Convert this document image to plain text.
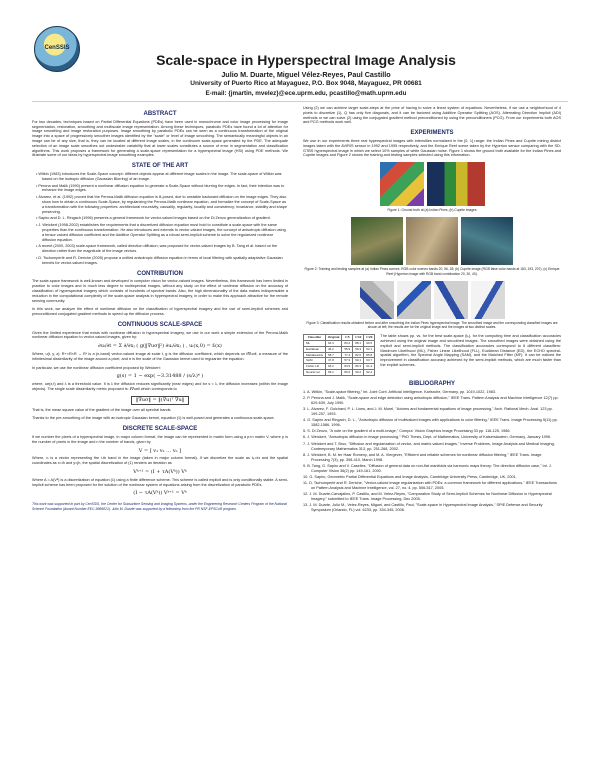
CenSSIS
Scale-space in Hyperspectral Image Analysis
Julio M. Duarte, Miguel Vélez-Reyes, Paul Castillo
University of Puerto Rico at Mayaguez, P.O. Box 9048, Mayaguez, PR 00681
E-mail: {jmartin, mvelez}@ece.uprm.edu, pcastillo@math.uprm.edu
ABSTRACT
For two decades, techniques based on Partial Differential Equations (PDEs) have been used in monochrome and color image processing for image segmentation, restoration, smoothing and multiscale image representation. Among these techniques, parabolic PDEs have found a lot of attention for image smoothing and image restoration purposes. Image smoothing by parabolic PDEs can be seen as a continuous transformation of the original image into a space of progressively smoother images identified by the "scale" or level of image smoothing. The semantically meaningful objects in an image can be of any size, that is, they can be located at different image scales, in the continuum scale-space generated by the PDE. The adequate selection of an image scale smoothes out undesirable variability that at lower scales constitutes a source of error in segmentation and classification algorithms. This work proposes a framework for generating a scale-space representation for a hyperspectral image (HSI) using PDE methods. We illustrate some of our ideas by hyperspectral image smoothing examples.
STATE OF THE ART
• Witkin (1983) introduces the Scale-Space concept: different objects appear at different image scales in the image. The scale-space of Witkin was based on the isotropic diffusion (Gaussian Blurring) of an image.
• Perona and Malik (1990) present a nonlinear diffusion equation to generate a Scale-Space without blurring the edges. In fact, their intention was to enhance the image edges.
• Alvarez, et al. (1992) proved that the Perona-Malik diffusion equation is ill-posed, due to unstable backward diffusion on the image edges. They also show how to obtain a continuous Scale-Space, by regularizing the Perona-Malik nonlinear equation, and formalize the concept of Scale-Space as a transformation with the following properties: architectural recursivity, causality, regularity, locality and consistency; invariance, stability and shape preserving.
• Sapiro and D. L. Ringach (1996) presents a general framework for vector-valued images based on the Di Zenzo generalization of gradient.
• J. Weickert (1998-2002) establishes the requirements that a discretized diffusion equation must hold to constitute a scale-space with the same properties than the continuous transformation. He also introduces and extends to vector-valued images, the concept of anisotropic diffusion using a tensor valued diffusion coefficient and the Additive Operator Splitting as a robust semi-implicit scheme to solve the regularized nonlinear diffusion equation.
• A recent (2000, 2003) scale-space framework, called direction diffusion, was proposed for vector-valued images by B. Tang et al. based on the direction rather than the magnitude of the image vectors.
• D. Tschumperlé and R. Deriche (2005) propose a unified anisotropic diffusion equation in terms of local filtering with spatially adaptative Gaussian kernels for vector-valued images.
CONTRIBUTION
The scale-space framework is well-known and developed in computer vision for vector-valued images. Nevertheless, this framework has been limited in practice to color images and in much less degree to multispectral images, without any study on the effect of nonlinear diffusion on the accuracy of classification of hyperspectral imagery which consists of hundreds of spectral bands. Also, the high dimensionality of the data makes indispensable a reduction in the computational complexity of the scale-space analysis in hyperspectral imagery, in order to make this approach attractive for the remote sensing community.
In this work, we analyze the effect of nonlinear diffusion on the classification of hyperspectral imagery and the use of semi-implicit schemes and preconditioned conjugated gradient methods to speed up the diffusion process.
CONTINUOUS SCALE-SPACE
Given the limited experience that exists with nonlinear diffusion in hyperspectral imagery, we use in our work a simple extension of the Perona-Malik nonlinear diffusion equation to vector-valued images, given by:
∂uᵢ/∂t = Σ ∂/∂xⱼ ( g(‖∇uσ‖²) ∂uᵢ/∂xⱼ ) , uᵢ(x,0) = fᵢ(x)
Where, u(t, y, z): R+×R×R → Rⁿ is a (n-band) vector-valued image at scale t, g is the diffusion coefficient, which depends on ‖∇uσ‖, a measure of the infinitesimal dissimilarity of the image around a pixel, and σ is the scale of the Gaussian kernel used to regularize the equation.
In particular, we use the nonlinear diffusion coefficient proposed by Weickert:
g(s) = 1 − exp( −3.31488 / (s/λ)⁴ )
where, uσ(x,t) and λ is a threshold value. It is λ the diffusion reduces significantly (near edges) and for s < λ, the diffusion increases (within the image objects). The single scale dissimilarity metric proposed is: ‖∇uσ‖ which corresponds to
‖∇uσ‖ = ‖(∇u)ᵀ ∇u‖
That is, the mean square value of the gradient of the image over all spectral bands.
Thanks to the pre-smoothing of the image with an isotropic Gaussian kernel, equation (1) is well-posed and generates a continuous scale-space.
DISCRETE SCALE-SPACE
If we number the pixels of a hyperspectral image, in major column format, the image can be represented in matrix form using a p×n matrix V, where p is the number of pixels in the image and n the number of bands, given by
V = [ v₁ v₂ … vₙ ]
Where, vᵢ is a vector representing the i-th band in the image (taken in major column format). If we discretize the scale as tₖ=kτ and the spatial coordinates as x=ih and y=jh, the spatial discretization of (1) renders an iteration as
Vᵏ⁺¹ = (I + τA(Vᵏ)) Vᵏ
Where A = A(Vᵏ) is a discretization of equation (1) using a finite difference scheme. This scheme is called explicit and is only conditionally stable. A semi-implicit scheme has been proposed for the solution of the nonlinear system of equations arising from the discretization of parabolic PDEs.
(I − τA(Vᵏ)) Vᵏ⁺¹ = Vᵏ
This work was supported in part by CenSSIS, the Center for Subsurface Sensing and Imaging Systems, under the Engineering Research Centers Program of the National Science Foundation (Award Number EEC-9986821). Julio M. Duarte was supported by a fellowship from the PR NSF-EPSCoR program.
Using (2) we can achieve larger scale-steps at the price of having to solve a linear system of equations. Nevertheless, if we use a neighborhood of 4 pixels to discretize (1), Q has only five diagonals, and it can be factored using Additive Operator Splitting (AOS). Alternating Direction Implicit (ADI) methods or we can solve (2) using the conjugated gradient method preconditioned by using the preconditioners (PCG). From our experiments both AOS and PCG methods work well.
EXPERIMENTS
We use in our experiments three real hyperspectral images with intensities normalized in the [0, 1] range: the Indian Pines and Cuprite mining district images taken with the AVIRIS sensor in 1992 and 1995 respectively, and the Enrique Reef scene taken by the Hyperion sensor comparing with the SD-GTBS hyperspectral image in which we select 10% samples of white Gaussian noise. Figure 1 shows the ground truth available for the Indian Pines and Cuprite images and Figure 2 shows the training and testing samples selected using this information.
Figure 1: Ground truth at (a) Indian Pines, (b) Cuprite images
Figure 2: Training and testing samples at (a) Indian Pines scenes. RGB color scenes bands 20, 56, 28; (b) Cuprite image (RGB false color bands at 183, 193, 207); (c) Enrique Reef (Hyperion image with RGB band combination 20, 30, 40).
Figure 3: Classification results obtained before and after smoothing the Indian Pines hyperspectral image. The smoothed image and the corresponding classified images are shown at left; the results are for the original image and the images at two distinct scales.
Classifier	Original	t=5	t=10	t=20
ML	64.3	83.2	88.1	90.5
Euclidean	46.2	55.9	59.4	62.1
Mahalanobis	58.7	77.4	82.6	85.8
SAM	47.8	57.3	60.1	63.7
Fisher LD	66.2	84.5	89.3	91.2
Neural net	69.1	86.0	90.2	92.4
The table shows pp. vs. for the best scale-space (tₖ), for the computing time and classification accuracies achieved using the original image and smoothed images. The smoothed images were obtained using the explicit and semi-implicit methods. The classification accuracies correspond to 6 different classifiers: Maximum Likelihood (ML), Fisher Linear Likelihood (FLL), Euclidean Distance (ED), the ECHO spectral-spatial algorithm, the Spectral Angle Mapping (SAM), and the Matched Filter (MF). It can be noticed the improvement in classification accuracy achieved by the semi-implicit methods, which are much faster than the explicit schemes.
BIBLIOGRAPHY
1. A. Witkin, "Scale-space filtering," Int. Joint Conf. Artificial Intelligence, Karlsruhe, Germany, pp. 1019-1022, 1983.
2. P. Perona and J. Malik, "Scale-space and edge detection using anisotropic diffusion," IEEE Trans. Pattern Analysis and Machine Intelligence 12(7) pp. 629-639, July 1990.
3. L. Alvarez, F. Guichard, P. L. Lions, and J. M. Morel, "Axioms and fundamental equations of image processing," Arch. Rational Mech. Anal. 123 pp. 199-257, 1993.
4. G. Sapiro and Ringach, D. L., "Anisotropic diffusion of multivalued images with applications to color filtering," IEEE Trans. Image Processing 5(11) pp. 1582-1586, 1996.
5. S. Di Zenzo, "A note on the gradient of a multi-image," Comput. Vision Graphics Image Processing 33 pp. 116-125, 1986.
6. J. Weickert, "Anisotropic diffusion in image processing," PhD Thesis, Dept. of Mathematics, University of Kaiserslautern, Germany, January 1996.
7. J. Weickert and T. Brox, "Diffusion and regularization of vector- and matrix-valued images," Inverse Problems, Image Analysis and Medical Imaging, Contemporary Mathematics 313, pp. 251-268, 2002.
8. J. Weickert, B. M. ter Haar Romeny, and M. A. Viergever, "Efficient and reliable schemes for nonlinear diffusion filtering," IEEE Trans. Image Processing 7(3), pp. 398-410, March 1998.
9. B. Tang, G. Sapiro and V. Caselles, "Diffusion of general data on non-flat manifolds via harmonic maps theory: The direction diffusion case," Int. J. Computer Vision 36(2) pp. 149-161, 2000.
10. G. Sapiro, Geometric Partial Differential Equations and Image Analysis, Cambridge University Press, Cambridge, UK, 2001.
11. D. Tschumperlé and R. Deriche, "Vector-valued image regularization with PDEs: a common framework for different applications," IEEE Transactions on Pattern Analysis and Machine Intelligence, vol. 27, no. 4, pp. 506-517, 2005.
12. J. M. Duarte-Carvajalino, P. Castillo, and M. Velez-Reyes, "Comparative Study of Semi-Implicit Schemes for Nonlinear Diffusion in Hyperspectral Imagery," submitted to IEEE Trans. Image Processing, Dec 2005.
13. J. M. Duarte, Julio M., Velez-Reyes, Miguel, and Castillo, Paul, "Scale-space in Hyperspectral Image Analysis," SPIE Defense and Security Symposium (Orlando, FL) vol. 6233, pp. 334-345, 2006.
